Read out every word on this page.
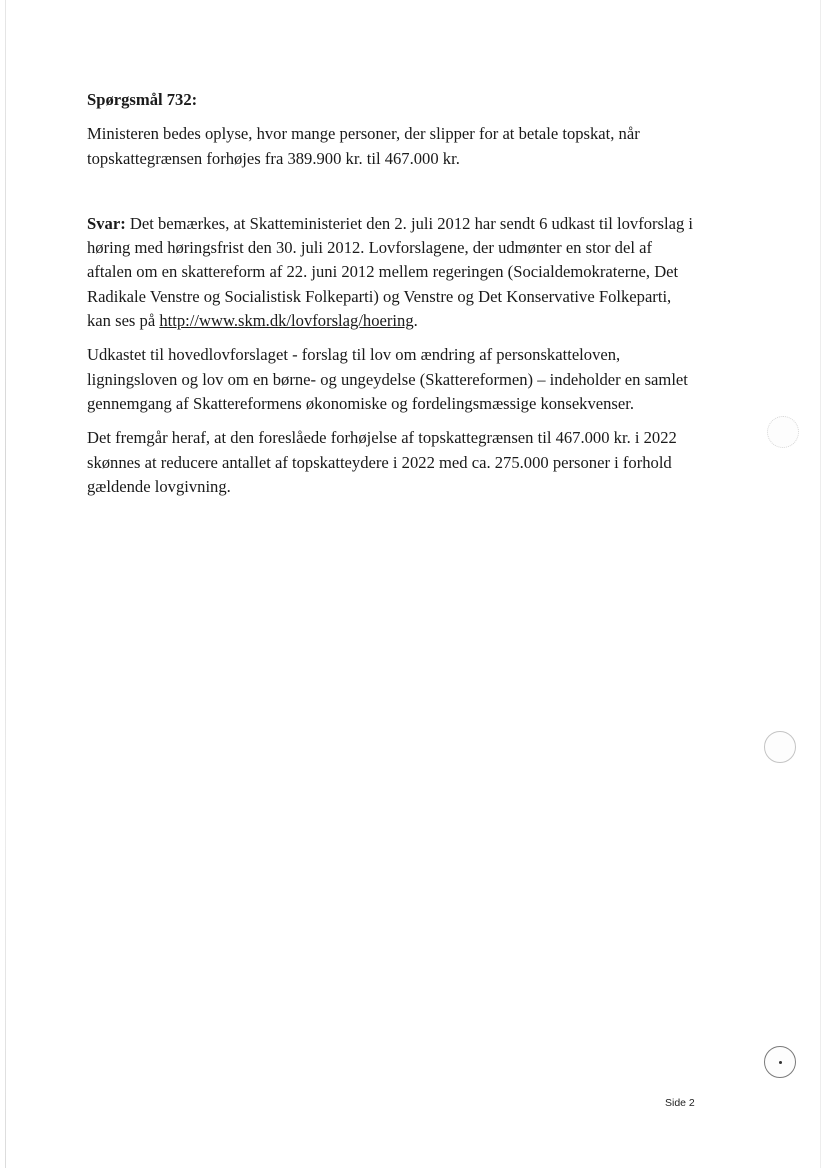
Spørgsmål 732:

Ministeren bedes oplyse, hvor mange personer, der slipper for at betale topskat, når topskattegrænsen forhøjes fra 389.900 kr. til 467.000 kr.

Svar: Det bemærkes, at Skatteministeriet den 2. juli 2012 har sendt 6 udkast til lovforslag i høring med høringsfrist den 30. juli 2012. Lovforslagene, der udmønter en stor del af aftalen om en skattereform af 22. juni 2012 mellem regeringen (Socialdemokraterne, Det Radikale Venstre og Socialistisk Folkeparti) og Venstre og Det Konservative Folkeparti, kan ses på http://www.skm.dk/lovforslag/hoering.

Udkastet til hovedlovforslaget - forslag til lov om ændring af personskatteloven, ligningsloven og lov om en børne- og ungeydelse (Skattereformen) – indeholder en samlet gennemgang af Skattereformens økonomiske og fordelingsmæssige konsekvenser.

Det fremgår heraf, at den foreslåede forhøjelse af topskattegrænsen til 467.000 kr. i 2022 skønnes at reducere antallet af topskatteydere i 2022 med ca. 275.000 personer i forhold gældende lovgivning.

Side 2
